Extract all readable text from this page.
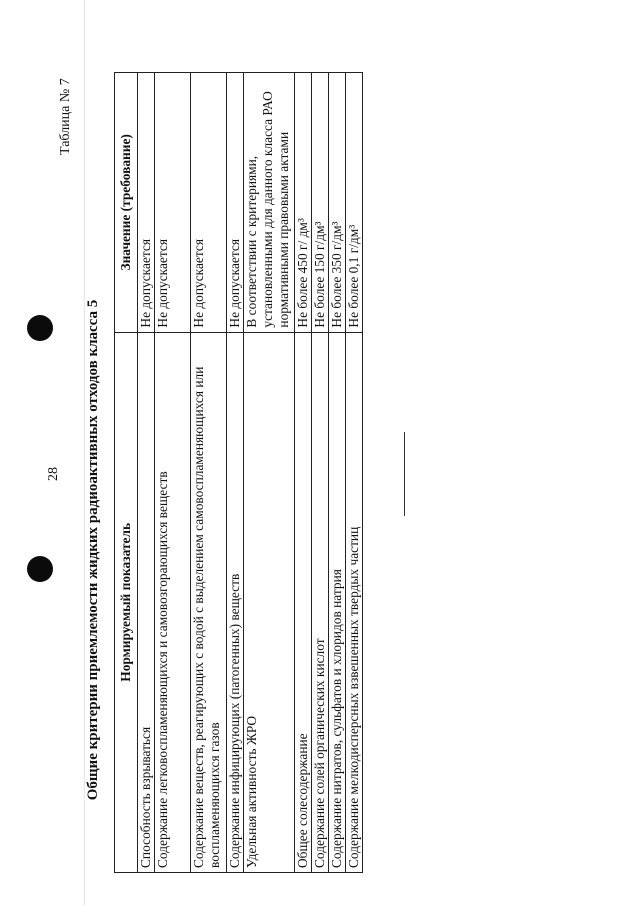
28
Таблица № 7
Общие критерии приемлемости жидких радиоактивных отходов класса 5 Нормируемый показатель	Значение (требование)
Способность взрываться	Не допускается
Содержание легковоспламеняющихся и самовозгорающихся веществ	Не допускается
Содержание веществ, реагирующих с водой с выделением самовоспламеняющихся или воспламеняющихся газов	Не допускается
Содержание инфицирующих (патогенных) веществ	Не допускается
Удельная активность ЖРО	В соответствии с критериями, установленными для данного класса РАО нормативными правовыми актами
Общее солесодержание	Не более 450 г/ дм³
Содержание солей органических кислот	Не более 150 г/дм³
Содержание нитратов, сульфатов и хлоридов натрия	Не более 350 г/дм³
Содержание мелкодисперсных взвешенных твердых частиц	Не более 0,1 г/дм³
